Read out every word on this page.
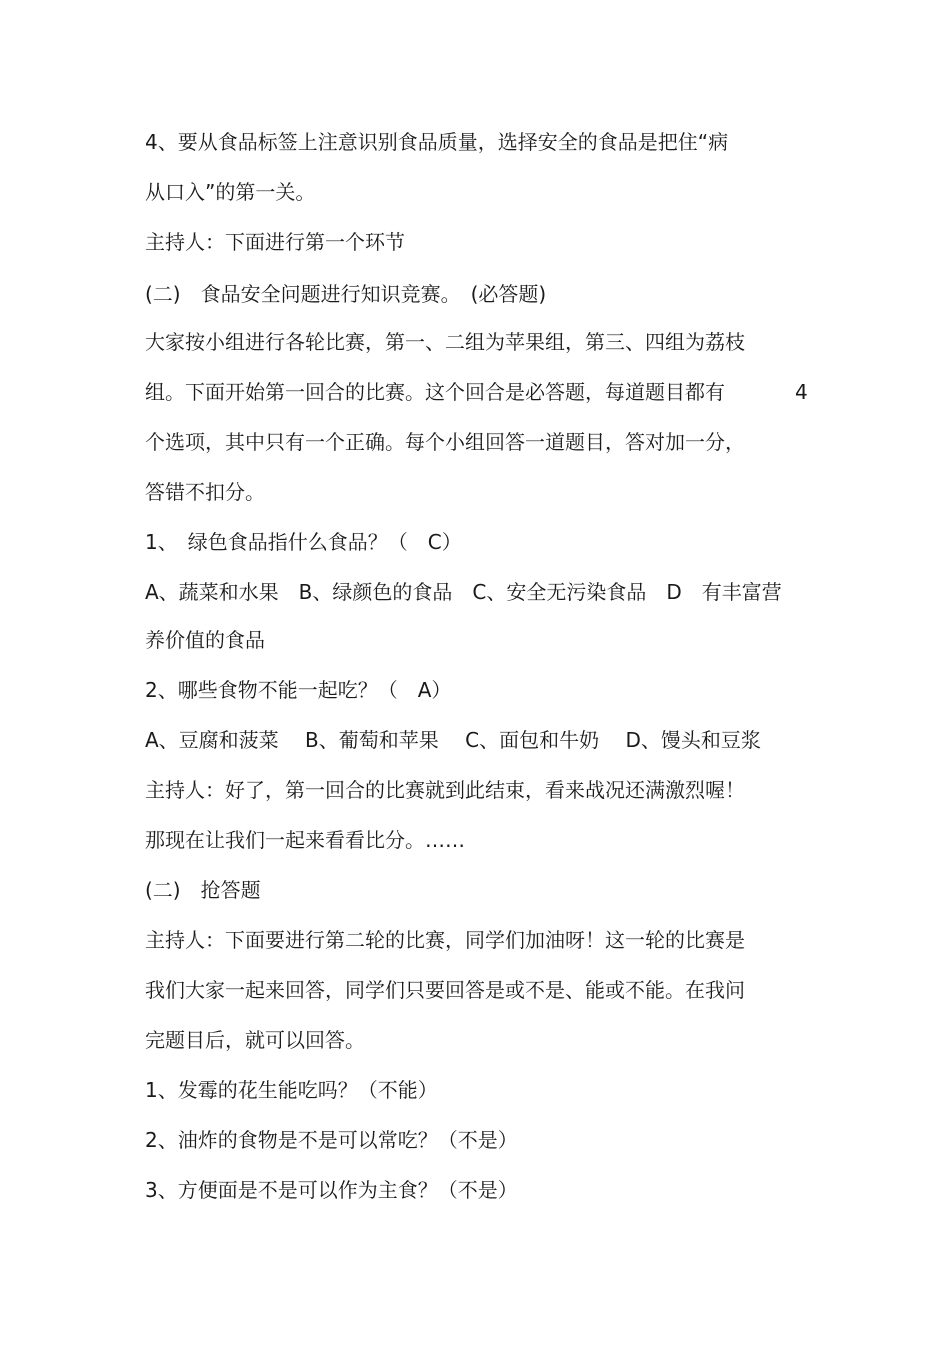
4、要从食品标签上注意识别食品质量，选择安全的食品是把住“病

从口入”的第一关。

主持人：下面进行第一个环节

(二)　食品安全问题进行知识竞赛。　(必答题)

大家按小组进行各轮比赛，第一、二组为苹果组，第三、四组为荔枝

组。下面开始第一回合的比赛。这个回合是必答题，每道题目都有	4

个选项，其中只有一个正确。每个小组回答一道题目，答对加一分，

答错不扣分。

1、　绿色食品指什么食品？（　C）

A、蔬菜和水果　B、绿颜色的食品　C、安全无污染食品　D　有丰富营

养价值的食品

2、哪些食物不能一起吃？（　A）

A、豆腐和菠菜　 B、葡萄和苹果　 C、面包和牛奶　 D、馒头和豆浆

主持人：好了，第一回合的比赛就到此结束，看来战况还满激烈喔！

那现在让我们一起来看看比分。……

(二)　抢答题

主持人：下面要进行第二轮的比赛，同学们加油呀！这一轮的比赛是

我们大家一起来回答，同学们只要回答是或不是、能或不能。在我问

完题目后，就可以回答。

1、发霉的花生能吃吗？（不能）

2、油炸的食物是不是可以常吃？（不是）

3、方便面是不是可以作为主食？（不是）
